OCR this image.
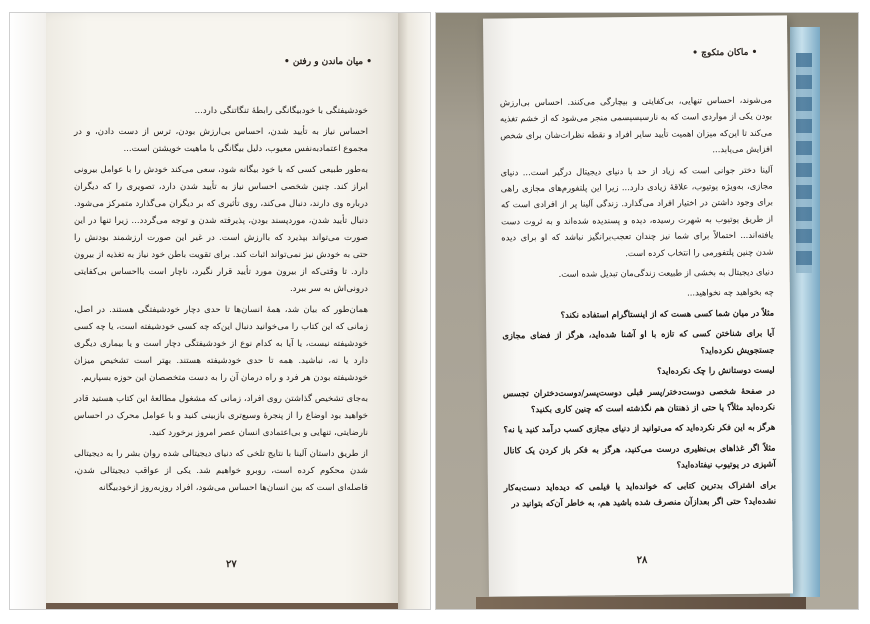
• میان ماندن و رفتن •

خودشیفتگی با خودبیگانگی رابطۀ تنگاتنگی دارد...

احساس نیاز به تأیید شدن، احساس بی‌ارزش بودن، ترس از دست دادن، و در مجموع اعتمادبه‌نفس معیوب، دلیل بیگانگی با ماهیت خویشتن است...

به‌طور طبیعی کسی که با خود بیگانه شود، سعی می‌کند خودش را با عوامل بیرونی ابراز کند. چنین شخصی احساس نیاز به تأیید شدن دارد، تصویری را که دیگران درباره وی دارند، دنبال می‌کند، روی تأثیری که بر دیگران می‌گذارد متمرکز می‌شود. دنبال تأیید شدن، موردپسند بودن، پذیرفته شدن و توجه می‌گردد... زیرا تنها در این صورت می‌تواند بپذیرد که باارزش است. در غیر این صورت ارزشمند بودنش را حتی به خودش نیز نمی‌تواند اثبات کند. برای تقویت باطن خود نیاز به تغذیه از بیرون دارد. تا وقتی‌که از بیرون مورد تأیید قرار نگیرد، ناچار است بااحساس بی‌کفایتی درونی‌اش به سر ببرد.

همان‌طور که بیان شد، همۀ انسان‌ها تا حدی دچار خودشیفتگی هستند. در اصل، زمانی که این کتاب را می‌خوانید دنبال این‌که چه کسی خودشیفته است، یا چه کسی خودشیفته نیست، یا آیا به کدام نوع از خودشیفتگی دچار است و یا بیماری دیگری دارد یا نه، نباشید. همه تا حدی خودشیفته هستند. بهتر است تشخیص میزان خودشیفته بودن هر فرد و راه درمان آن را به دست متخصصان این حوزه بسپاریم.

به‌جای تشخیص گذاشتن روی افراد، زمانی که مشغول مطالعۀ این کتاب هستید قادر خواهید بود اوضاع را از پنجرۀ وسیع‌تری بازبینی کنید و با عوامل محرک در احساس نارضایتی، تنهایی و بی‌اعتمادی انسان عصر امروز برخورد کنید.

از طریق داستان آلینا با نتایج تلخی که دنیای دیجیتالی شده روان بشر را به دیجیتالی شدن محکوم کرده است، روبرو خواهیم شد. یکی از عواقب دیجیتالی شدن، فاصله‌ای است که بین انسان‌ها احساس می‌شود، افراد روزبه‌روز از‌خودبیگانه

۲۷
• ماکان متکوچ •

می‌شوند، احساس تنهایی، بی‌کفایتی و بیچارگی می‌کنند. احساس بی‌ارزش بودن یکی از مواردی است که به نارسیسیسمی منجر می‌شود که از خشم تغذیه می‌کند تا این‌که میزان اهمیت تأیید سایر افراد و نقطه نظرات‌شان برای شخص افزایش می‌یابد...

آلینا دختر جوانی است که زیاد از حد با دنیای دیجیتال درگیر است... دنیای مجازی، به‌ویژه یوتیوب، علاقۀ زیادی دارد... زیرا این پلتفورم‌های مجازی راهی برای وجود داشتن در اختیار افراد می‌گذارد. زندگی آلینا پر از افرادی است که از طریق یوتیوب به شهرت رسیده، دیده و پسندیده شده‌اند و به ثروت دست یافته‌اند... احتمالاً برای شما نیز چندان تعجب‌برانگیز نباشد که او برای دیده شدن چنین پلتفورمی را انتخاب کرده است.

دنیای دیجیتال به بخشی از طبیعت زندگی‌مان تبدیل شده است.

چه بخواهید چه نخواهید...

مثلاً در میان شما کسی هست که از اینستاگرام استفاده نکند؟

آیا برای شناختن کسی که تازه با او آشنا شده‌اید، هرگز از فضای مجازی جستجویش نکرده‌اید؟

لیست دوستانش را چک نکرده‌اید؟

در صفحۀ شخصی دوست‌دختر/پسر قبلی دوست‌پسر/دوست‌دختران تجسس نکرده‌اید مثلاً؟ یا حتی از ذهنتان هم نگذشته است که چنین کاری بکنید؟

هرگز به این فکر نکرده‌اید که می‌توانید از دنیای مجازی کسب درآمد کنید یا نه؟

مثلاً اگر غذاهای بی‌نظیری درست می‌کنید، هرگز به فکر باز کردن یک کانال آشپزی در یوتیوب نیفتاده‌اید؟

برای اشتراک بدترین کتابی که خوانده‌اید یا فیلمی که دیده‌اید دست‌به‌کار نشده‌اید؟ حتی اگر بعدازآن منصرف شده باشید هم، به خاطر آن‌که بتوانید در

۲۸
